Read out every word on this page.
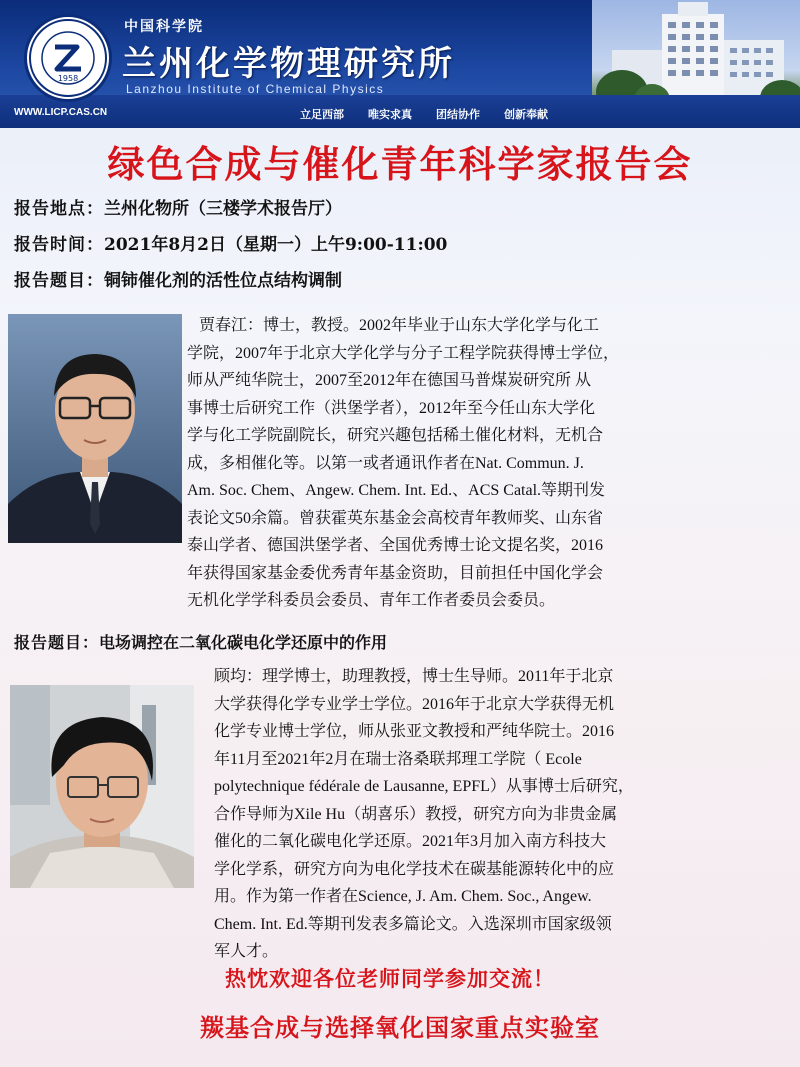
1958
中国科学院
兰州化学物理研究所
Lanzhou Institute of Chemical Physics
WWW.LICP.CAS.CN	立足西部 唯实求真 团结协作 创新奉献
绿色合成与催化青年科学家报告会
报告地点：兰州化物所（三楼学术报告厅）
报告时间：2021年8月2日（星期一）上午9:00-11:00
报告题目：铜铈催化剂的活性位点结构调制
贾春江：博士，教授。2002年毕业于山东大学化学与化工
学院，2007年于北京大学化学与分子工程学院获得博士学位，
师从严纯华院士，2007至2012年在德国马普煤炭研究所 从
事博士后研究工作（洪堡学者），2012年至今任山东大学化
学与化工学院副院长，研究兴趣包括稀土催化材料，无机合
成，多相催化等。以第一或者通讯作者在Nat. Commun. J.
Am. Soc. Chem、Angew. Chem. Int. Ed.、ACS Catal.等期刊发
表论文50余篇。曾获霍英东基金会高校青年教师奖、山东省
泰山学者、德国洪堡学者、全国优秀博士论文提名奖，2016
年获得国家基金委优秀青年基金资助，目前担任中国化学会
无机化学学科委员会委员、青年工作者委员会委员。
报告题目：电场调控在二氧化碳电化学还原中的作用
顾均：理学博士，助理教授，博士生导师。2011年于北京
大学获得化学专业学士学位。2016年于北京大学获得无机
化学专业博士学位，师从张亚文教授和严纯华院士。2016
年11月至2021年2月在瑞士洛桑联邦理工学院（ Ecole
polytechnique fédérale de Lausanne, EPFL）从事博士后研究，
合作导师为Xile Hu（胡喜乐）教授，研究方向为非贵金属
催化的二氧化碳电化学还原。2021年3月加入南方科技大
学化学系，研究方向为电化学技术在碳基能源转化中的应
用。作为第一作者在Science, J. Am. Chem. Soc., Angew.
Chem. Int. Ed.等期刊发表多篇论文。入选深圳市国家级领
军人才。
热忱欢迎各位老师同学参加交流！
羰基合成与选择氧化国家重点实验室
